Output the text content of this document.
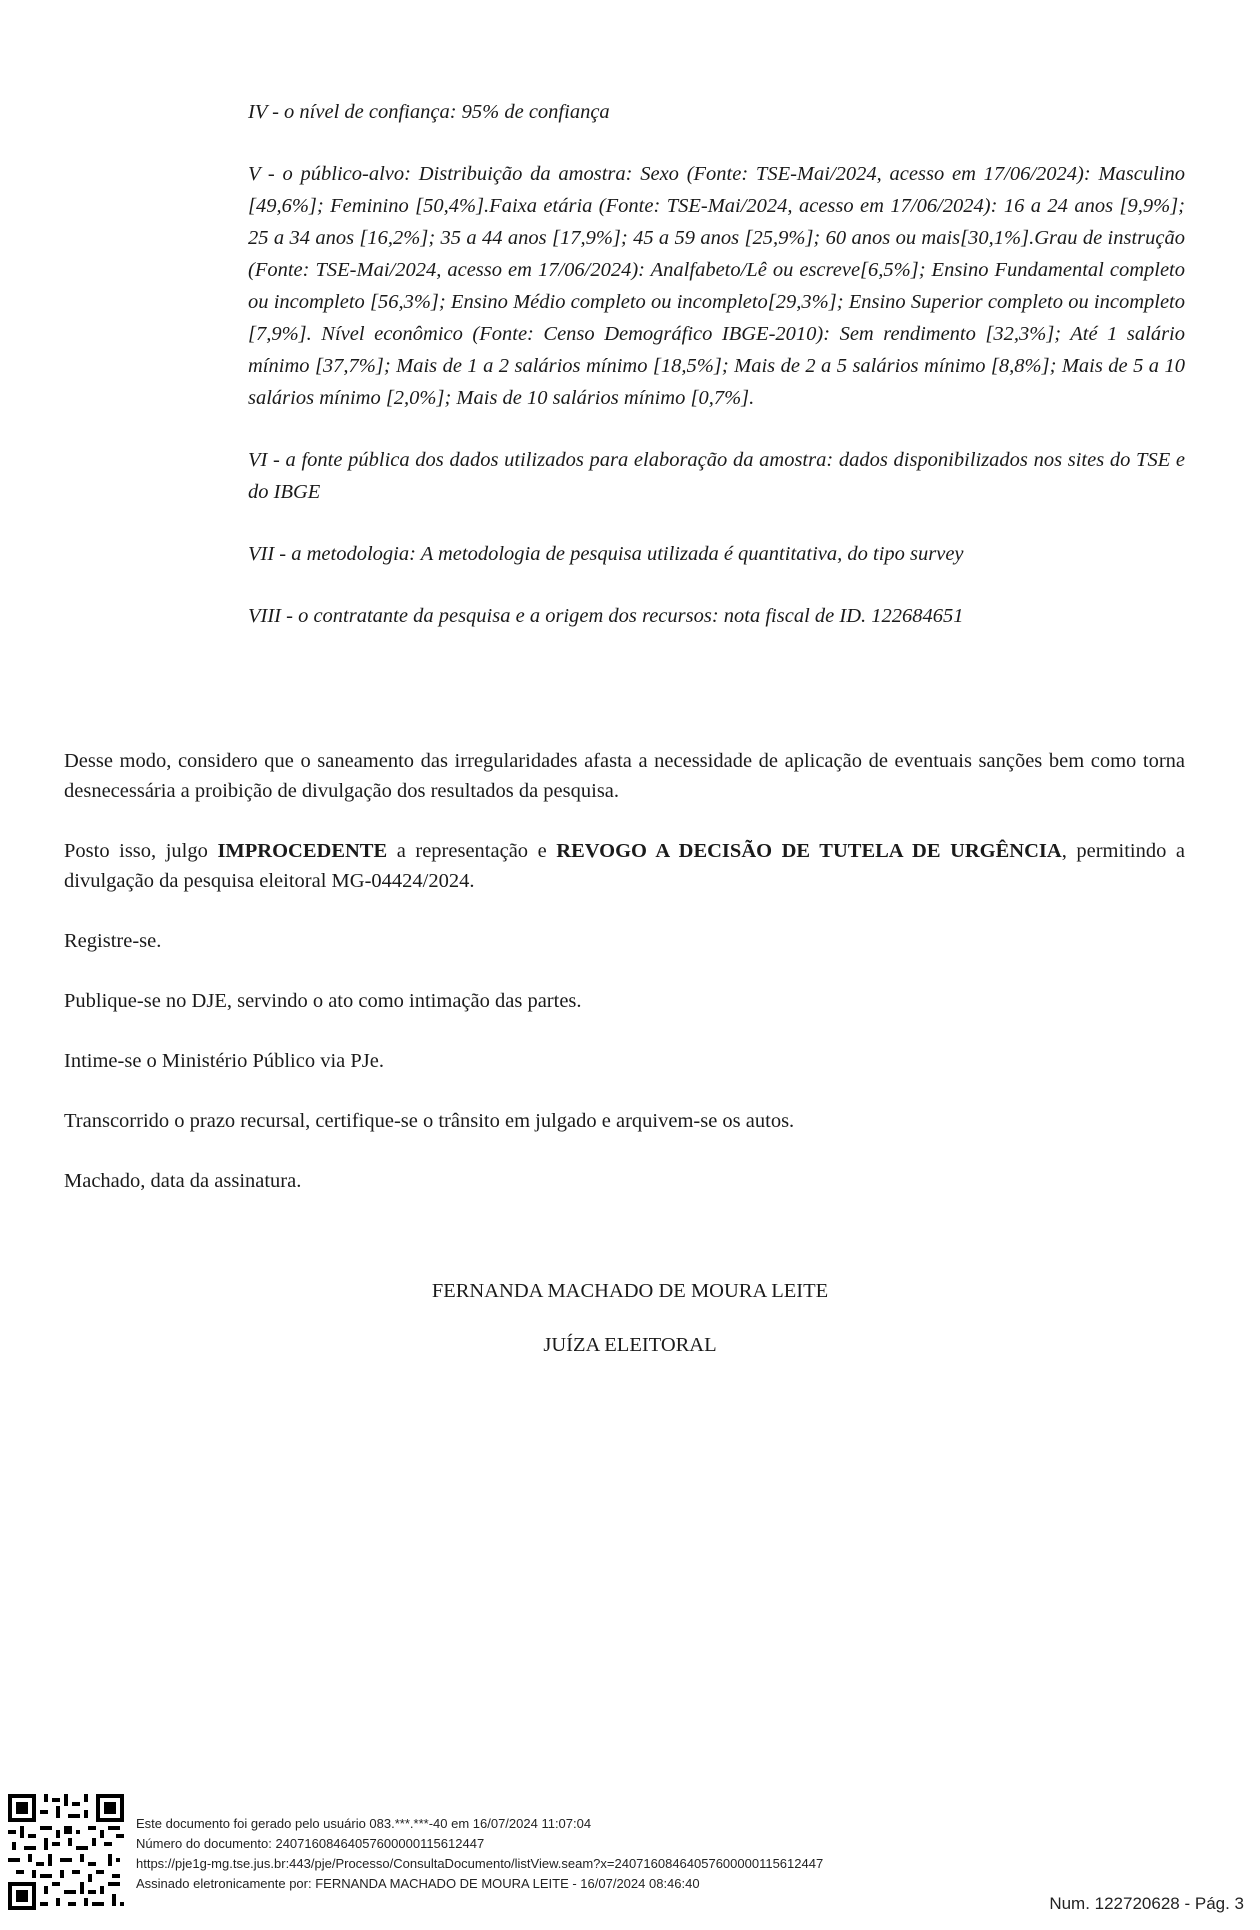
IV - o nível de confiança: 95% de confiança

V - o público-alvo: Distribuição da amostra: Sexo (Fonte: TSE-Mai/2024, acesso em 17/06/2024): Masculino [49,6%]; Feminino [50,4%].Faixa etária (Fonte: TSE-Mai/2024, acesso em 17/06/2024): 16 a 24 anos [9,9%]; 25 a 34 anos [16,2%]; 35 a 44 anos [17,9%]; 45 a 59 anos [25,9%]; 60 anos ou mais[30,1%].Grau de instrução (Fonte: TSE-Mai/2024, acesso em 17/06/2024): Analfabeto/Lê ou escreve[6,5%]; Ensino Fundamental completo ou incompleto [56,3%]; Ensino Médio completo ou incompleto[29,3%]; Ensino Superior completo ou incompleto [7,9%]. Nível econômico (Fonte: Censo Demográfico IBGE-2010): Sem rendimento [32,3%]; Até 1 salário mínimo [37,7%]; Mais de 1 a 2 salários mínimo [18,5%]; Mais de 2 a 5 salários mínimo [8,8%]; Mais de 5 a 10 salários mínimo [2,0%]; Mais de 10 salários mínimo [0,7%].

VI - a fonte pública dos dados utilizados para elaboração da amostra: dados disponibilizados nos sites do TSE e do IBGE

VII - a metodologia: A metodologia de pesquisa utilizada é quantitativa, do tipo survey

VIII - o contratante da pesquisa e a origem dos recursos: nota fiscal de ID. 122684651

Desse modo, considero que o saneamento das irregularidades afasta a necessidade de aplicação de eventuais sanções bem como torna desnecessária a proibição de divulgação dos resultados da pesquisa.

Posto isso, julgo IMPROCEDENTE a representação e REVOGO A DECISÃO DE TUTELA DE URGÊNCIA, permitindo a divulgação da pesquisa eleitoral MG-04424/2024.

Registre-se.

Publique-se no DJE, servindo o ato como intimação das partes.

Intime-se o Ministério Público via PJe.

Transcorrido o prazo recursal, certifique-se o trânsito em julgado e arquivem-se os autos.

Machado, data da assinatura.

FERNANDA MACHADO DE MOURA LEITE
JUÍZA ELEITORAL
Este documento foi gerado pelo usuário 083.***.***-40 em 16/07/2024 11:07:04
Número do documento: 24071608464057600000115612447
https://pje1g-mg.tse.jus.br:443/pje/Processo/ConsultaDocumento/listView.seam?x=24071608464057600000115612447
Assinado eletronicamente por: FERNANDA MACHADO DE MOURA LEITE - 16/07/2024 08:46:40
Num. 122720628 - Pág. 3
